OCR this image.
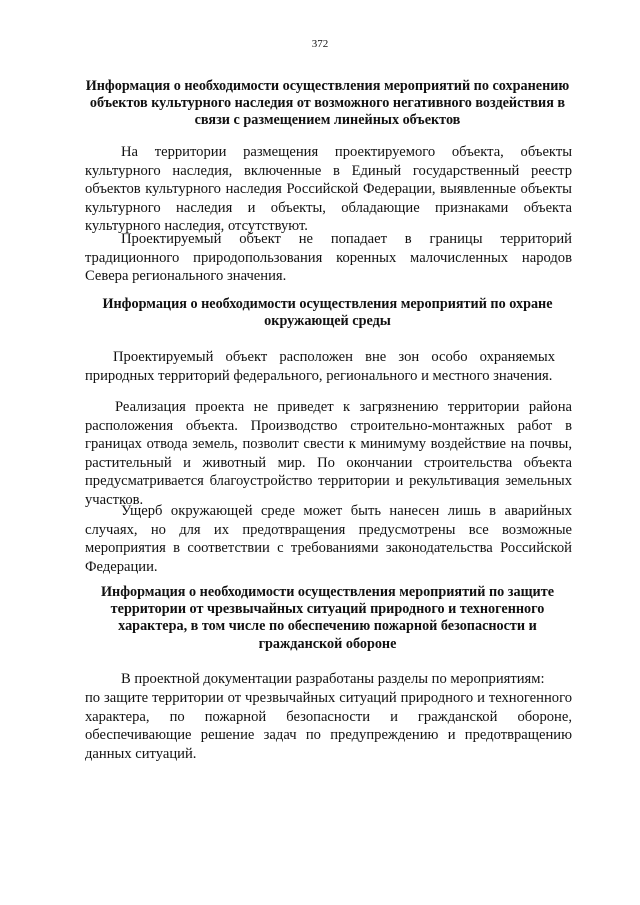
372
Информация о необходимости осуществления мероприятий по сохранению объектов культурного наследия от возможного негативного воздействия в связи с размещением линейных объектов

На территории размещения проектируемого объекта, объекты культурного наследия, включенные в Единый государственный реестр объектов культурного наследия Российской Федерации, выявленные объекты культурного наследия и объекты, обладающие признаками объекта культурного наследия, отсутствуют.

Проектируемый объект не попадает в границы территорий традиционного природопользования коренных малочисленных народов Севера регионального значения.

Информация о необходимости осуществления мероприятий по охране окружающей среды

Проектируемый объект расположен вне зон особо охраняемых природных территорий федерального, регионального и местного значения.

Реализация проекта не приведет к загрязнению территории района расположения объекта. Производство строительно-монтажных работ в границах отвода земель, позволит свести к минимуму воздействие на почвы, растительный и животный мир. По окончании строительства объекта предусматривается благоустройство территории и рекультивация земельных участков.

Ущерб окружающей среде может быть нанесен лишь в аварийных случаях, но для их предотвращения предусмотрены все возможные мероприятия в соответствии с требованиями законодательства Российской Федерации.

Информация о необходимости осуществления мероприятий по защите территории от чрезвычайных ситуаций природного и техногенного характера, в том числе по обеспечению пожарной безопасности и гражданской обороне

В проектной документации разработаны разделы по мероприятиям:

по защите территории от чрезвычайных ситуаций природного и техногенного характера, по пожарной безопасности и гражданской обороне, обеспечивающие решение задач по предупреждению и предотвращению данных ситуаций.
